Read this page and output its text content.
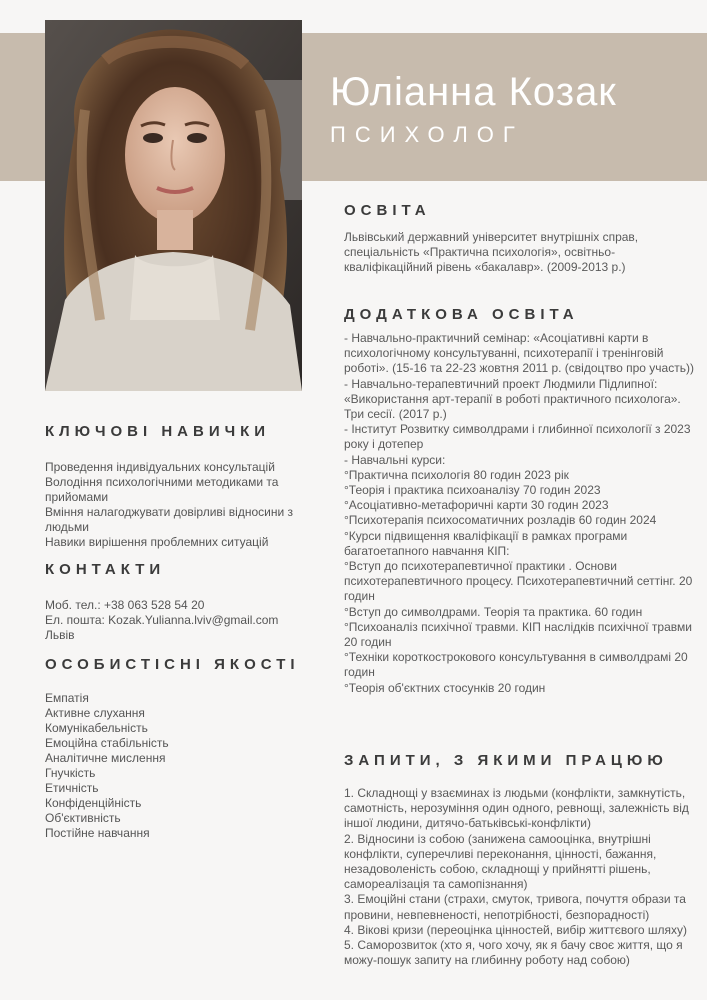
Юліанна Козак
ПСИХОЛОГ
КЛЮЧОВІ НАВИЧКИ
Проведення індивідуальних консультацій
Володіння психологічними методиками та прийомами
Вміння налагоджувати довірливі відносини з людьми
Навики вирішення проблемних ситуацій
КОНТАКТИ
Моб. тел.: +38 063 528 54 20
Ел. пошта: Kozak.Yulianna.lviv@gmail.com
Львів
ОСОБИСТІСНІ ЯКОСТІ
Емпатія
Активне слухання
Комунікабельність
Емоційна стабільність
Аналітичне мислення
Гнучкість
Етичність
Конфіденційність
Об'єктивність
Постійне навчання
ОСВІТА
Львівський державний університет внутрішніх справ, спеціальність «Практична психологія», освітньо-кваліфікаційний рівень «бакалавр». (2009-2013 р.)
ДОДАТКОВА ОСВІТА
- Навчально-практичний семінар: «Асоціативні карти в психологічному консультуванні, психотерапії і тренінговій роботі». (15-16 та 22-23 жовтня 2011 р. (свідоцтво про участь))
- Навчально-терапевтичний проект Людмили Підлипної: «Використання арт-терапії в роботі практичного психолога». Три сесії. (2017 р.)
- Інститут Розвитку символдрами і глибинної психології з 2023 року і дотепер
- Навчальні курси:
°Практична психологія 80 годин 2023 рік
°Теорія і практика психоаналізу 70 годин 2023
°Асоціативно-метафоричні карти 30 годин 2023
°Психотерапія психосоматичних розладів 60 годин 2024
°Курси підвищення кваліфікації в рамках програми багатоетапного навчання КІП:
°Вступ до психотерапевтичної практики . Основи психотерапевтичного процесу. Психотерапевтичний сеттінг. 20 годин
°Вступ до символдрами. Теорія та практика. 60 годин
°Психоаналіз психічної травми. КІП наслідків психічної травми 20 годин
°Техніки короткострокового консультування в символдрамі 20 годин
°Теорія об'єктних стосунків 20 годин
ЗАПИТИ, З ЯКИМИ ПРАЦЮЮ
1. Складнощі у взаєминах із людьми (конфлікти, замкнутість, самотність, нерозуміння один одного, ревнощі, залежність від іншої людини, дитячо-батьківські-конфлікти)
2. Відносини із собою (занижена самооцінка, внутрішні конфлікти, суперечливі переконання, цінності, бажання, незадоволеність собою, складнощі у прийнятті рішень, самореалізація та самопізнання)
3. Емоційні стани (страхи, смуток, тривога, почуття образи та провини, невпевненості, непотрібності, безпорадності)
4. Вікові кризи (переоцінка цінностей, вибір життєвого шляху)
5. Саморозвиток (хто я, чого хочу, як я бачу своє життя, що я можу-пошук запиту на глибинну роботу над собою)
